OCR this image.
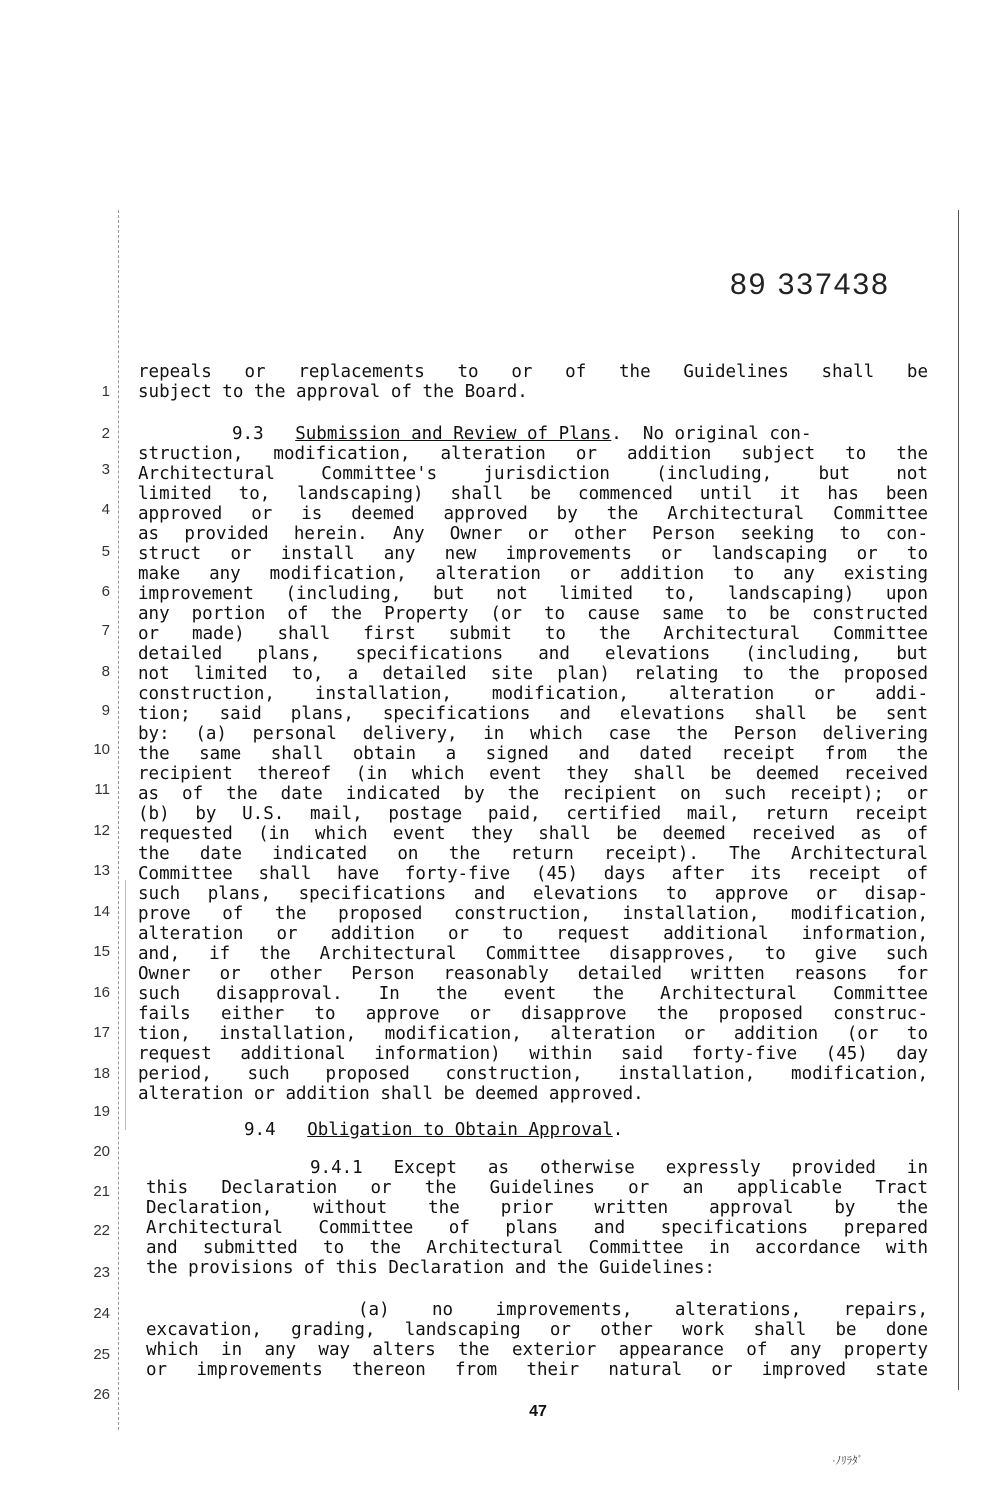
89 337438
1
2
3
4
5
6
7
8
9
10
11
12
13
14
15
16
17
18
19
20
21
22
23
24
25
26
repeals or replacements to or of the Guidelines shall be
subject to the approval of the Board.
9.3 Submission and Review of Plans.  No original con-
struction, modification, alteration or addition subject to the
Architectural Committee's jurisdiction (including, but not
limited to, landscaping) shall be commenced until it has been
approved or is deemed approved by the Architectural Committee
as provided herein. Any Owner or other Person seeking to con-
struct or install any new improvements or landscaping or to
make any modification, alteration or addition to any existing
improvement (including, but not limited to, landscaping) upon
any portion of the Property (or to cause same to be constructed
or made) shall first submit to the Architectural Committee
detailed plans, specifications and elevations (including, but
not limited to, a detailed site plan) relating to the proposed
construction, installation, modification, alteration or addi-
tion; said plans, specifications and elevations shall be sent
by: (a) personal delivery, in which case the Person delivering
the same shall obtain a signed and dated receipt from the
recipient thereof (in which event they shall be deemed received
as of the date indicated by the recipient on such receipt); or
(b) by U.S. mail, postage paid, certified mail, return receipt
requested (in which event they shall be deemed received as of
the date indicated on the return receipt). The Architectural
Committee shall have forty-five (45) days after its receipt of
such plans, specifications and elevations to approve or disap-
prove of the proposed construction, installation, modification,
alteration or addition or to request additional information,
and, if the Architectural Committee disapproves, to give such
Owner or other Person reasonably detailed written reasons for
such disapproval. In the event the Architectural Committee
fails either to approve or disapprove the proposed construc-
tion, installation, modification, alteration or addition (or to
request additional information) within said forty-five (45) day
period, such proposed construction, installation, modification,
alteration or addition shall be deemed approved.
9.4 Obligation to Obtain Approval.
9.4.1 Except as otherwise expressly provided in
this Declaration or the Guidelines or an applicable Tract
Declaration, without the prior written approval by the
Architectural Committee of plans and specifications prepared
and submitted to the Architectural Committee in accordance with
the provisions of this Declaration and the Guidelines:
(a) no improvements, alterations, repairs,
excavation, grading, landscaping or other work shall be done
which in any way alters the exterior appearance of any property
or improvements thereon from their natural or improved state
47
·ﾉﾘﾗﾀﾞ
